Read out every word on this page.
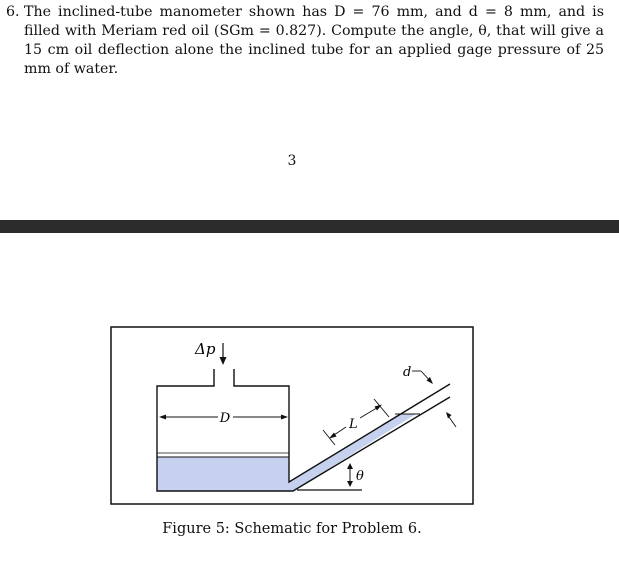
6. The inclined-tube manometer shown has D = 76 mm, and d = 8 mm, and is filled with Meriam red oil (SGm = 0.827). Compute the angle, θ, that will give a 15 cm oil deflection alone the inclined tube for an applied gage pressure of 25 mm of water.
3
D
Δp
d
L
θ
Figure 5: Schematic for Problem 6.
